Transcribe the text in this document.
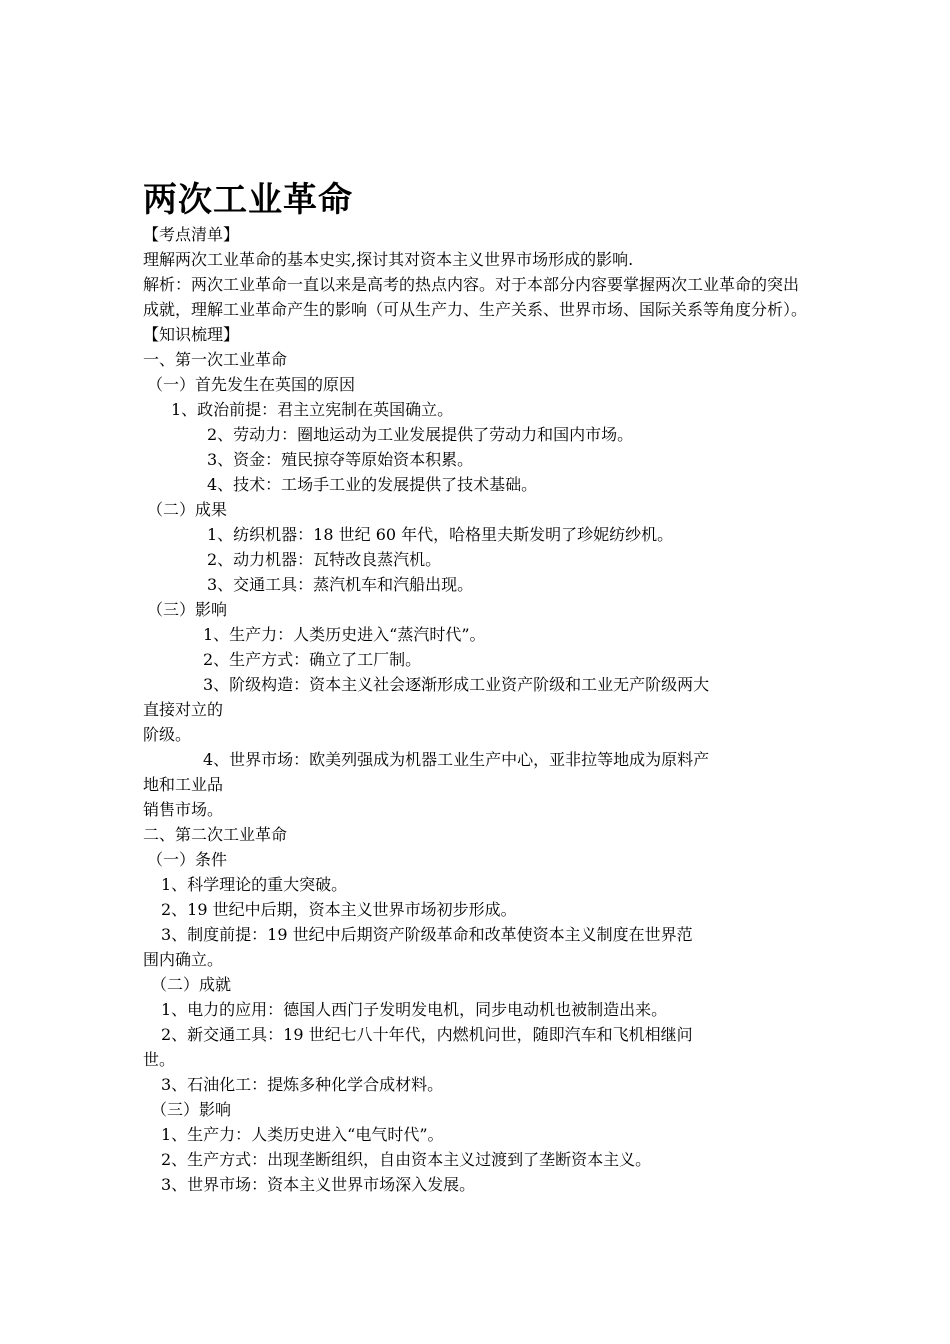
两次工业革命

【考点清单】

理解两次工业革命的基本史实,探讨其对资本主义世界市场形成的影响.

解析：两次工业革命一直以来是高考的热点内容。对于本部分内容要掌握两次工业革命的突出成就，理解工业革命产生的影响（可从生产力、生产关系、世界市场、国际关系等角度分析）。

【知识梳理】

一、第一次工业革命

（一）首先发生在英国的原因

1、政治前提：君主立宪制在英国确立。

2、劳动力：圈地运动为工业发展提供了劳动力和国内市场。

3、资金：殖民掠夺等原始资本积累。

4、技术：工场手工业的发展提供了技术基础。

（二）成果

1、纺织机器：18 世纪 60 年代，哈格里夫斯发明了珍妮纺纱机。

2、动力机器：瓦特改良蒸汽机。

3、交通工具：蒸汽机车和汽船出现。

（三）影响

1、生产力：人类历史进入“蒸汽时代”。

2、生产方式：确立了工厂制。

3、阶级构造：资本主义社会逐渐形成工业资产阶级和工业无产阶级两大

直接对立的

阶级。

4、世界市场：欧美列强成为机器工业生产中心，亚非拉等地成为原料产

地和工业品

销售市场。

二、第二次工业革命

（一）条件

1、科学理论的重大突破。

2、19 世纪中后期，资本主义世界市场初步形成。

3、制度前提：19 世纪中后期资产阶级革命和改革使资本主义制度在世界范

围内确立。

（二）成就

1、电力的应用：德国人西门子发明发电机，同步电动机也被制造出来。

2、新交通工具：19 世纪七八十年代，内燃机问世，随即汽车和飞机相继问

世。

3、石油化工：提炼多种化学合成材料。

（三）影响

1、生产力：人类历史进入“电气时代”。

2、生产方式：出现垄断组织，自由资本主义过渡到了垄断资本主义。

3、世界市场：资本主义世界市场深入发展。
